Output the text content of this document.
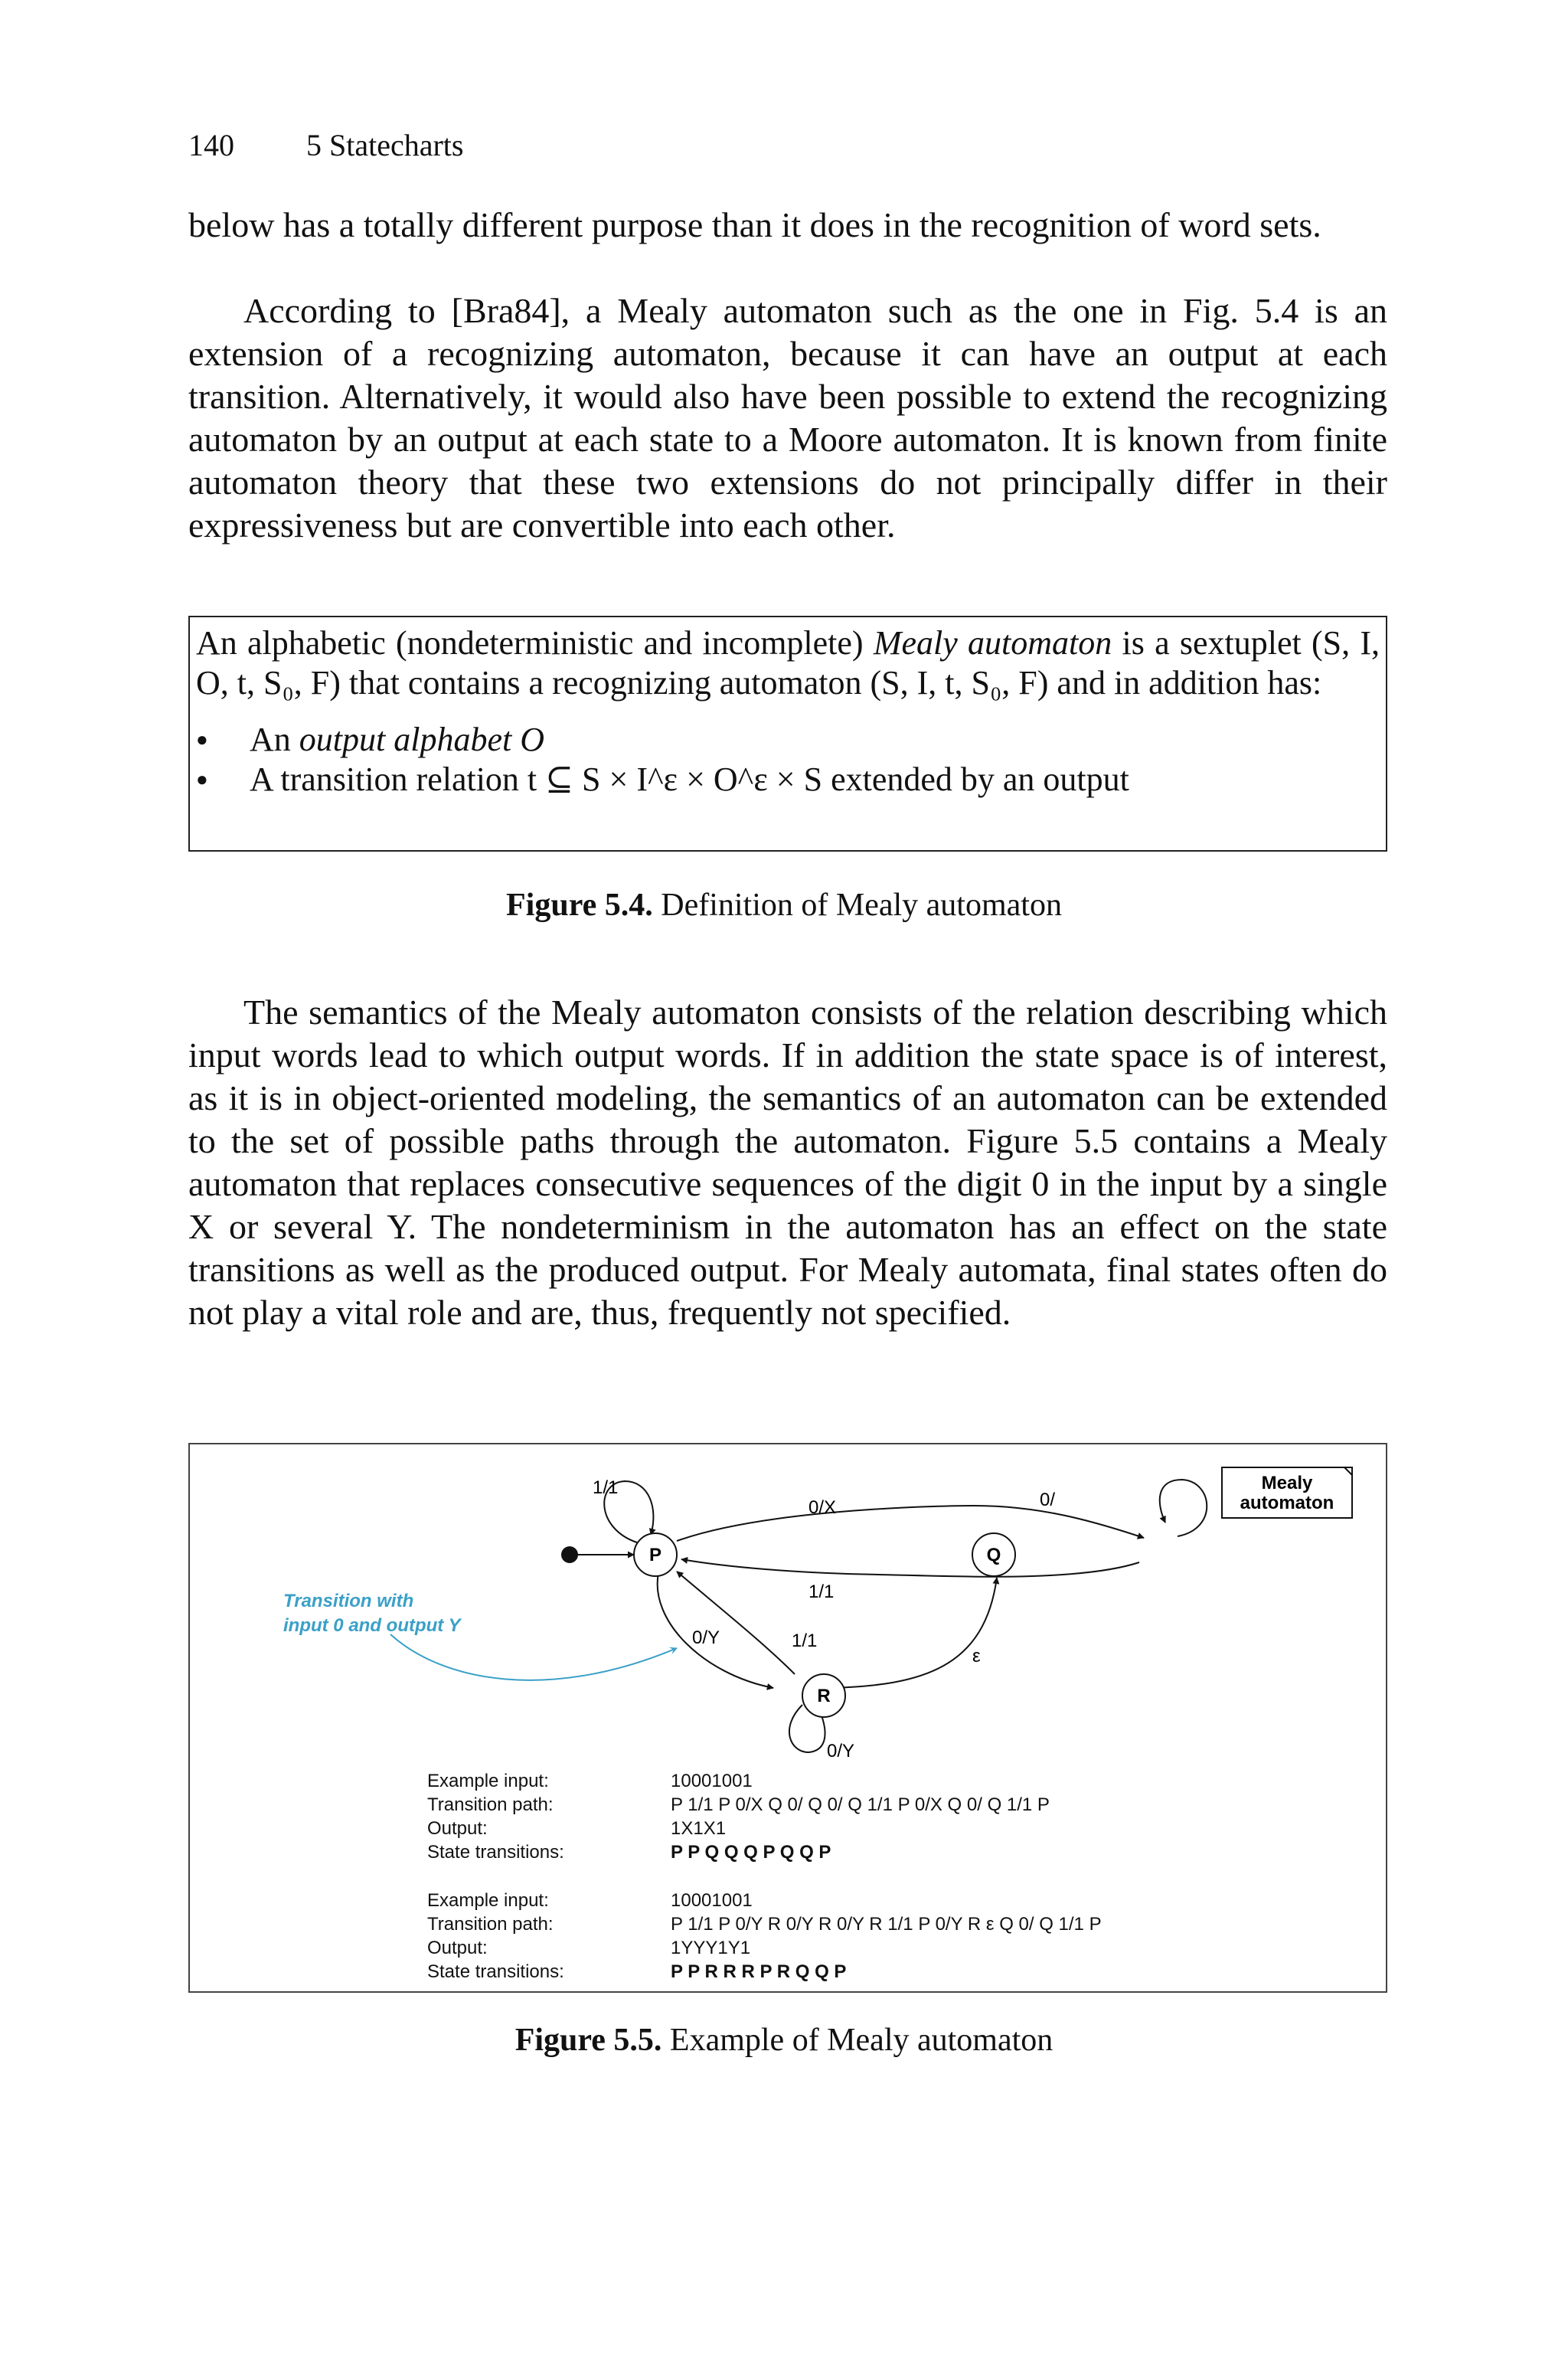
140 5 Statecharts

below has a totally different purpose than it does in the recognition of word sets.

According to [Bra84], a Mealy automaton such as the one in Fig. 5.4 is an extension of a recognizing automaton, because it can have an output at each transition. Alternatively, it would also have been possible to extend the recognizing automaton by an output at each state to a Moore automaton. It is known from finite automaton theory that these two extensions do not principally differ in their expressiveness but are convertible into each other.

An alphabetic (nondeterministic and incomplete) Mealy automaton is a sextuplet (S, I, O, t, S₀, F) that contains a recognizing automaton (S, I, t, S₀, F) and in addition has:

● An output alphabet O
● A transition relation t ⊆ S × I^ε × O^ε × S extended by an output
Figure 5.4. Definition of Mealy automaton

The semantics of the Mealy automaton consists of the relation describing which input words lead to which output words. If in addition the state space is of interest, as it is in object-oriented modeling, the semantics of an automaton can be extended to the set of possible paths through the automaton. Figure 5.5 contains a Mealy automaton that replaces consecutive sequences of the digit 0 in the input by a single X or several Y. The nondeterminism in the automaton has an effect on the state transitions as well as the produced output. For Mealy automata, final states often do not play a vital role and are, thus, frequently not specified.

Mealy
automaton
1/1
0/X	0/
1/1
0/Y	1/1
ε
0/Y
P	Q
R
Transition with
input 0 and output Y
Example input:	10001001
Transition path:	P 1/1 P 0/X Q 0/ Q 0/ Q 1/1 P 0/X Q 0/ Q 1/1 P
Output:	1X1X1
State transitions:	P P Q Q Q P Q Q P
Example input:	10001001
Transition path:	P 1/1 P 0/Y R 0/Y R 0/Y R 1/1 P 0/Y R ε Q 0/ Q 1/1 P
Output:	1YYY1Y1
State transitions:	P P R R R P R Q Q P
Figure 5.5. Example of Mealy automaton
